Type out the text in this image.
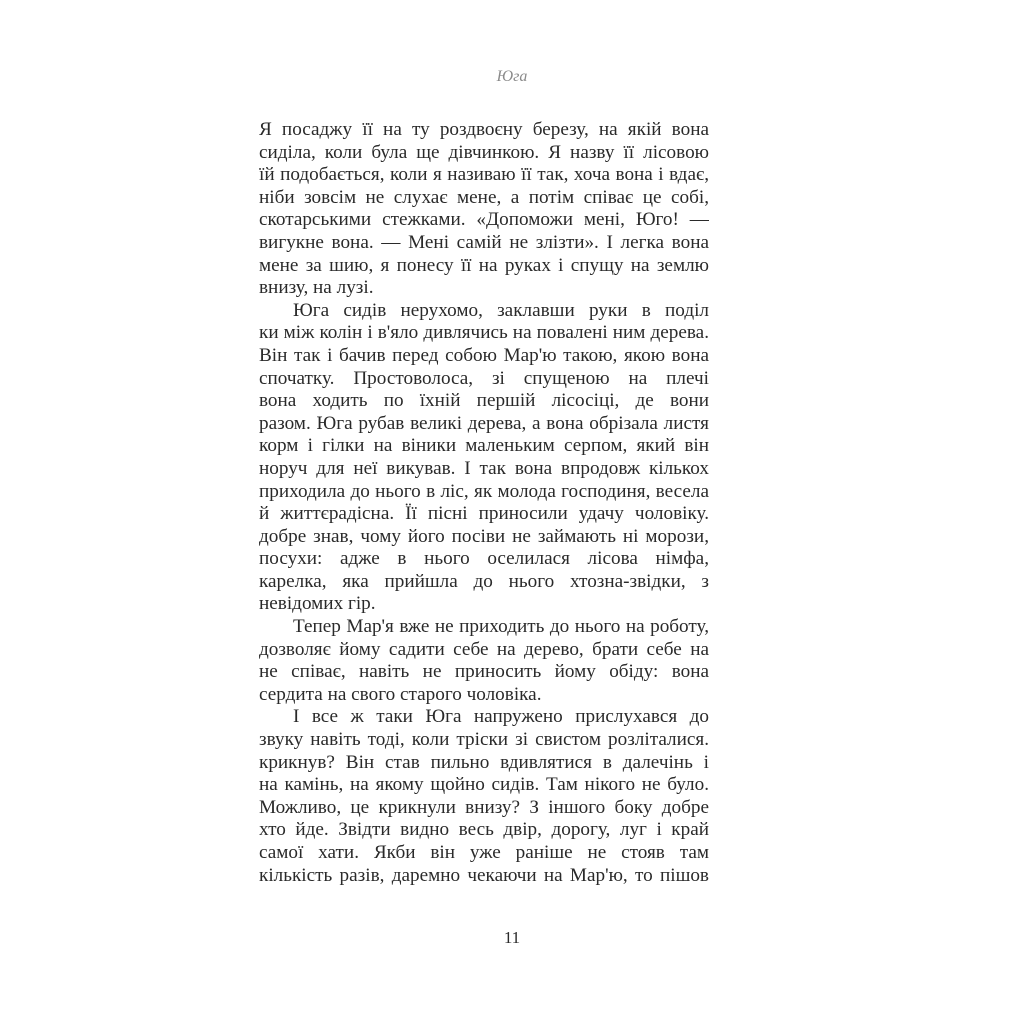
Юга
Я посаджу її на ту роздвоєну березу, на якій вона
сиділа, коли була ще дівчинкою. Я назву її лісовою
їй подобається, коли я називаю її так, хоча вона і вдає,
ніби зовсім не слухає мене, а потім співає це собі,
скотарськими стежками. «Допоможи мені, Юго! —
вигукне вона. — Мені самій не злізти». І легка вона
мене за шию, я понесу її на руках і спущу на землю
внизу, на лузі.
Юга сидів нерухомо, заклавши руки в поділ
ки між колін і в'яло дивлячись на повалені ним дерева.
Він так і бачив перед собою Мар'ю такою, якою вона
спочатку. Простоволоса, зі спущеною на плечі
вона ходить по їхній першій лісосіці, де вони
разом. Юга рубав великі дерева, а вона обрізала листя
корм і гілки на віники маленьким серпом, який він
норуч для неї викував. І так вона впродовж кількох
приходила до нього в ліс, як молода господиня, весела
й життєрадісна. Її пісні приносили удачу чоловіку.
добре знав, чому його посіви не займають ні морози,
посухи: адже в нього оселилася лісова німфа,
карелка, яка прийшла до нього хтозна-звідки, з
невідомих гір.
Тепер Мар'я вже не приходить до нього на роботу,
дозволяє йому садити себе на дерево, брати себе на
не співає, навіть не приносить йому обіду: вона
сердита на свого старого чоловіка.
І все ж таки Юга напружено прислухався до
звуку навіть тоді, коли тріски зі свистом розліталися.
крикнув? Він став пильно вдивлятися в далечінь і
на камінь, на якому щойно сидів. Там нікого не було.
Можливо, це крикнули внизу? З іншого боку добре
хто йде. Звідти видно весь двір, дорогу, луг і край
самої хати. Якби він уже раніше не стояв там
кількість разів, даремно чекаючи на Мар'ю, то пішов
11
